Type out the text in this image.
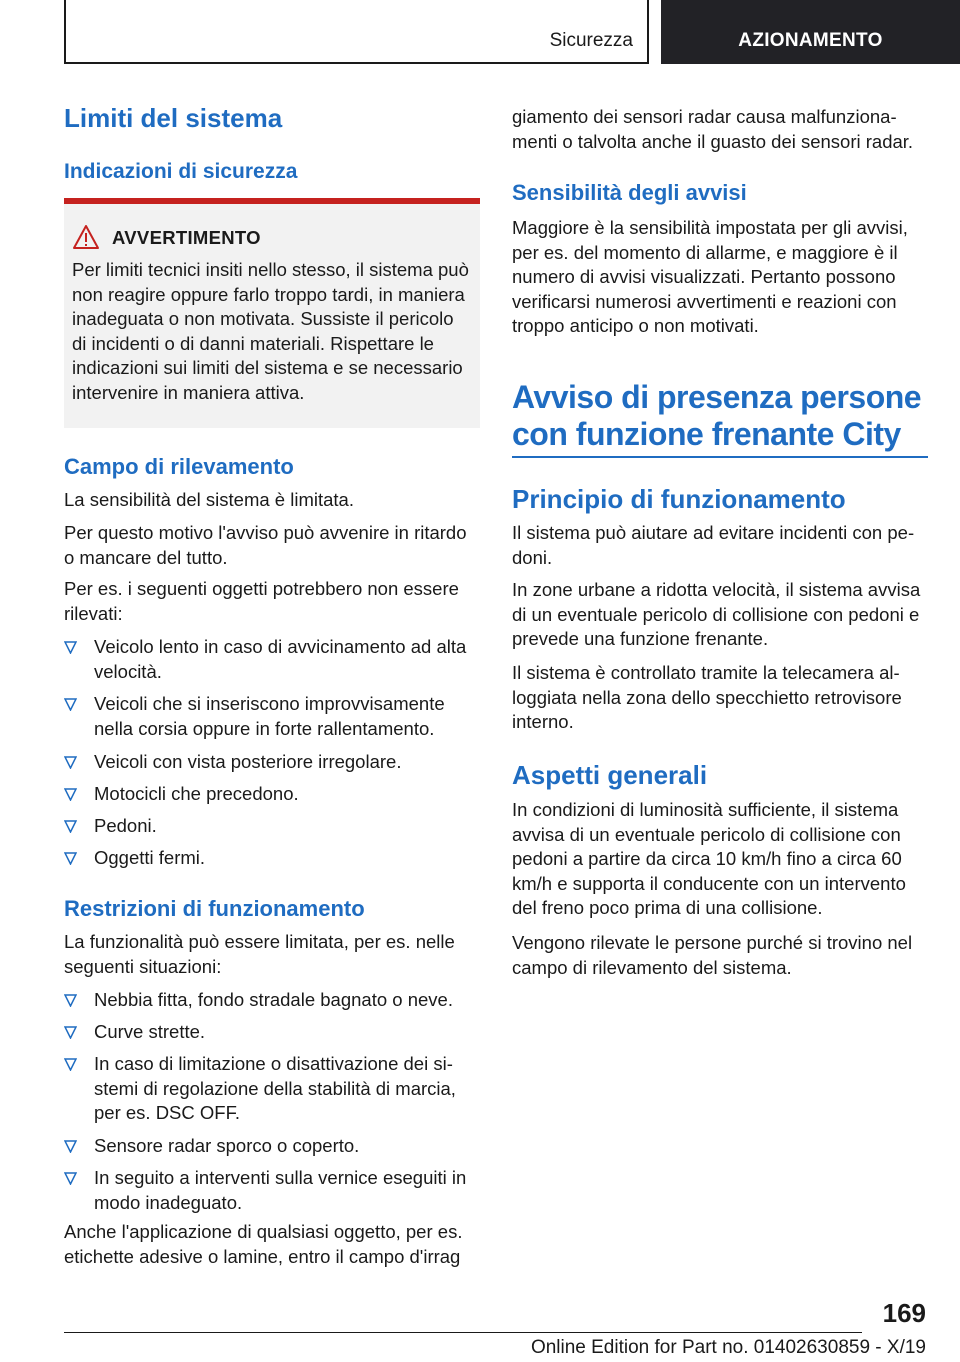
Sicurezza	AZIONAMENTO
Limiti del sistema
Indicazioni di sicurezza
AVVERTIMENTO
Per limiti tecnici insiti nello stesso, il sistema può non reagire oppure farlo troppo tardi, in maniera inadeguata o non motivata. Sussiste il pericolo di incidenti o di danni materiali. Rispettare le indicazioni sui limiti del sistema e se necessario intervenire in maniera attiva.
Campo di rilevamento
La sensibilità del sistema è limitata.
Per questo motivo l'avviso può avvenire in ritardo o mancare del tutto.
Per es. i seguenti oggetti potrebbero non essere rilevati:
Veicolo lento in caso di avvicinamento ad alta velocità.
Veicoli che si inseriscono improvvisamente nella corsia oppure in forte rallentamento.
Veicoli con vista posteriore irregolare.
Motocicli che precedono.
Pedoni.
Oggetti fermi.
Restrizioni di funzionamento
La funzionalità può essere limitata, per es. nelle seguenti situazioni:
Nebbia fitta, fondo stradale bagnato o neve.
Curve strette.
In caso di limitazione o disattivazione dei sistemi di regolazione della stabilità di marcia, per es. DSC OFF.
Sensore radar sporco o coperto.
In seguito a interventi sulla vernice eseguiti in modo inadeguato.
Anche l'applicazione di qualsiasi oggetto, per es. etichette adesive o lamine, entro il campo d'irrag
giamento dei sensori radar causa malfunzionamenti o talvolta anche il guasto dei sensori radar.
Sensibilità degli avvisi
Maggiore è la sensibilità impostata per gli avvisi, per es. del momento di allarme, e maggiore è il numero di avvisi visualizzati. Pertanto possono verificarsi numerosi avvertimenti e reazioni con troppo anticipo o non motivati.
Avviso di presenza persone
con funzione frenante City
Principio di funzionamento
Il sistema può aiutare ad evitare incidenti con pedoni.
In zone urbane a ridotta velocità, il sistema avvisa di un eventuale pericolo di collisione con pedoni e prevede una funzione frenante.
Il sistema è controllato tramite la telecamera alloggiata nella zona dello specchietto retrovisore interno.
Aspetti generali
In condizioni di luminosità sufficiente, il sistema avvisa di un eventuale pericolo di collisione con pedoni a partire da circa 10 km/h fino a circa 60 km/h e supporta il conducente con un intervento del freno poco prima di una collisione.
Vengono rilevate le persone purché si trovino nel campo di rilevamento del sistema.
169
Online Edition for Part no. 01402630859 - X/19
